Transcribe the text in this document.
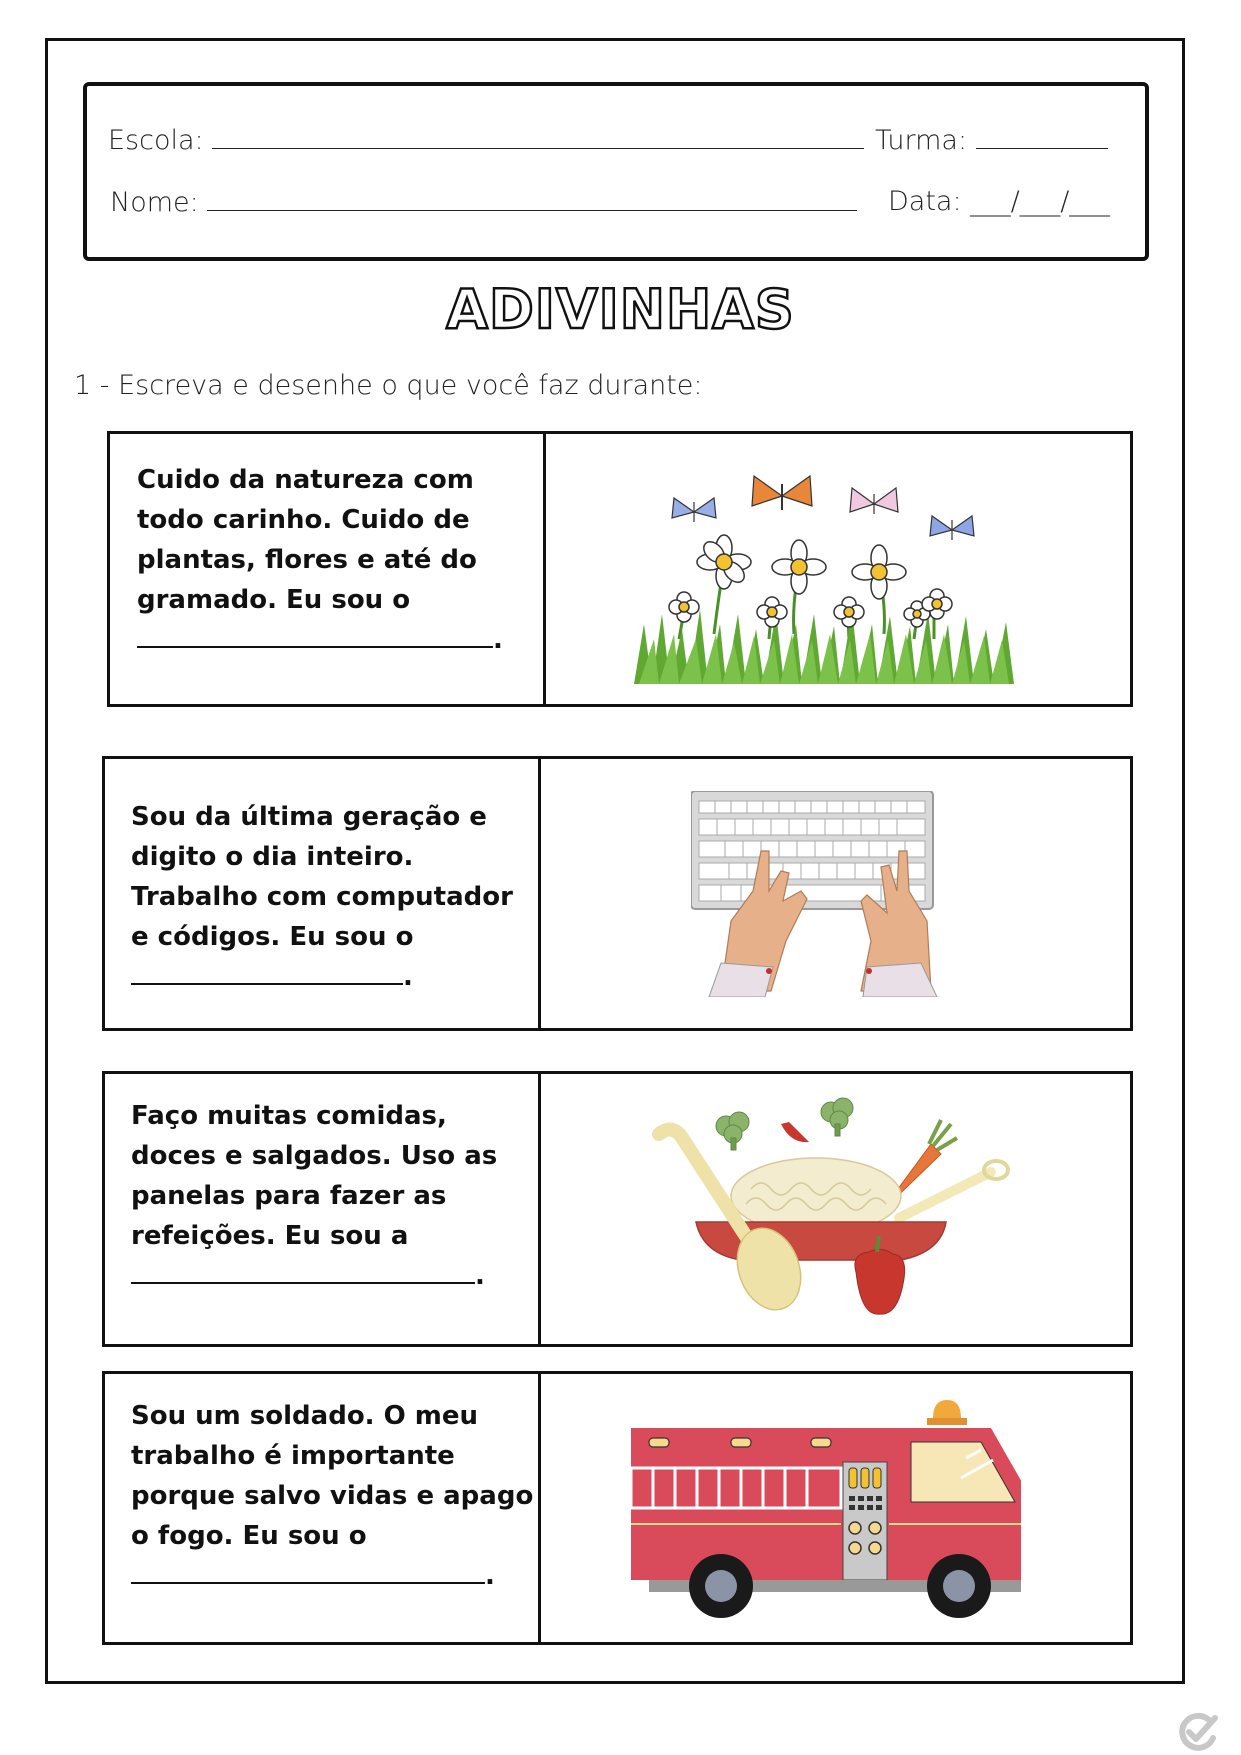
Escola:	Turma:
Nome:	Data: ___/___/___
ADIVINHAS
1 - Escreva e desenhe o que você faz durante:

Cuido da natureza com todo carinho. Cuido de plantas, flores e até do gramado. Eu sou o
.

Sou da última geração e digito o dia inteiro. Trabalho com computador e códigos. Eu sou o .

Faço muitas comidas, doces e salgados. Uso as panelas para fazer as refeições. Eu sou a
.

Sou um soldado. O meu trabalho é importante porque salvo vidas e apago o fogo. Eu sou o
.
